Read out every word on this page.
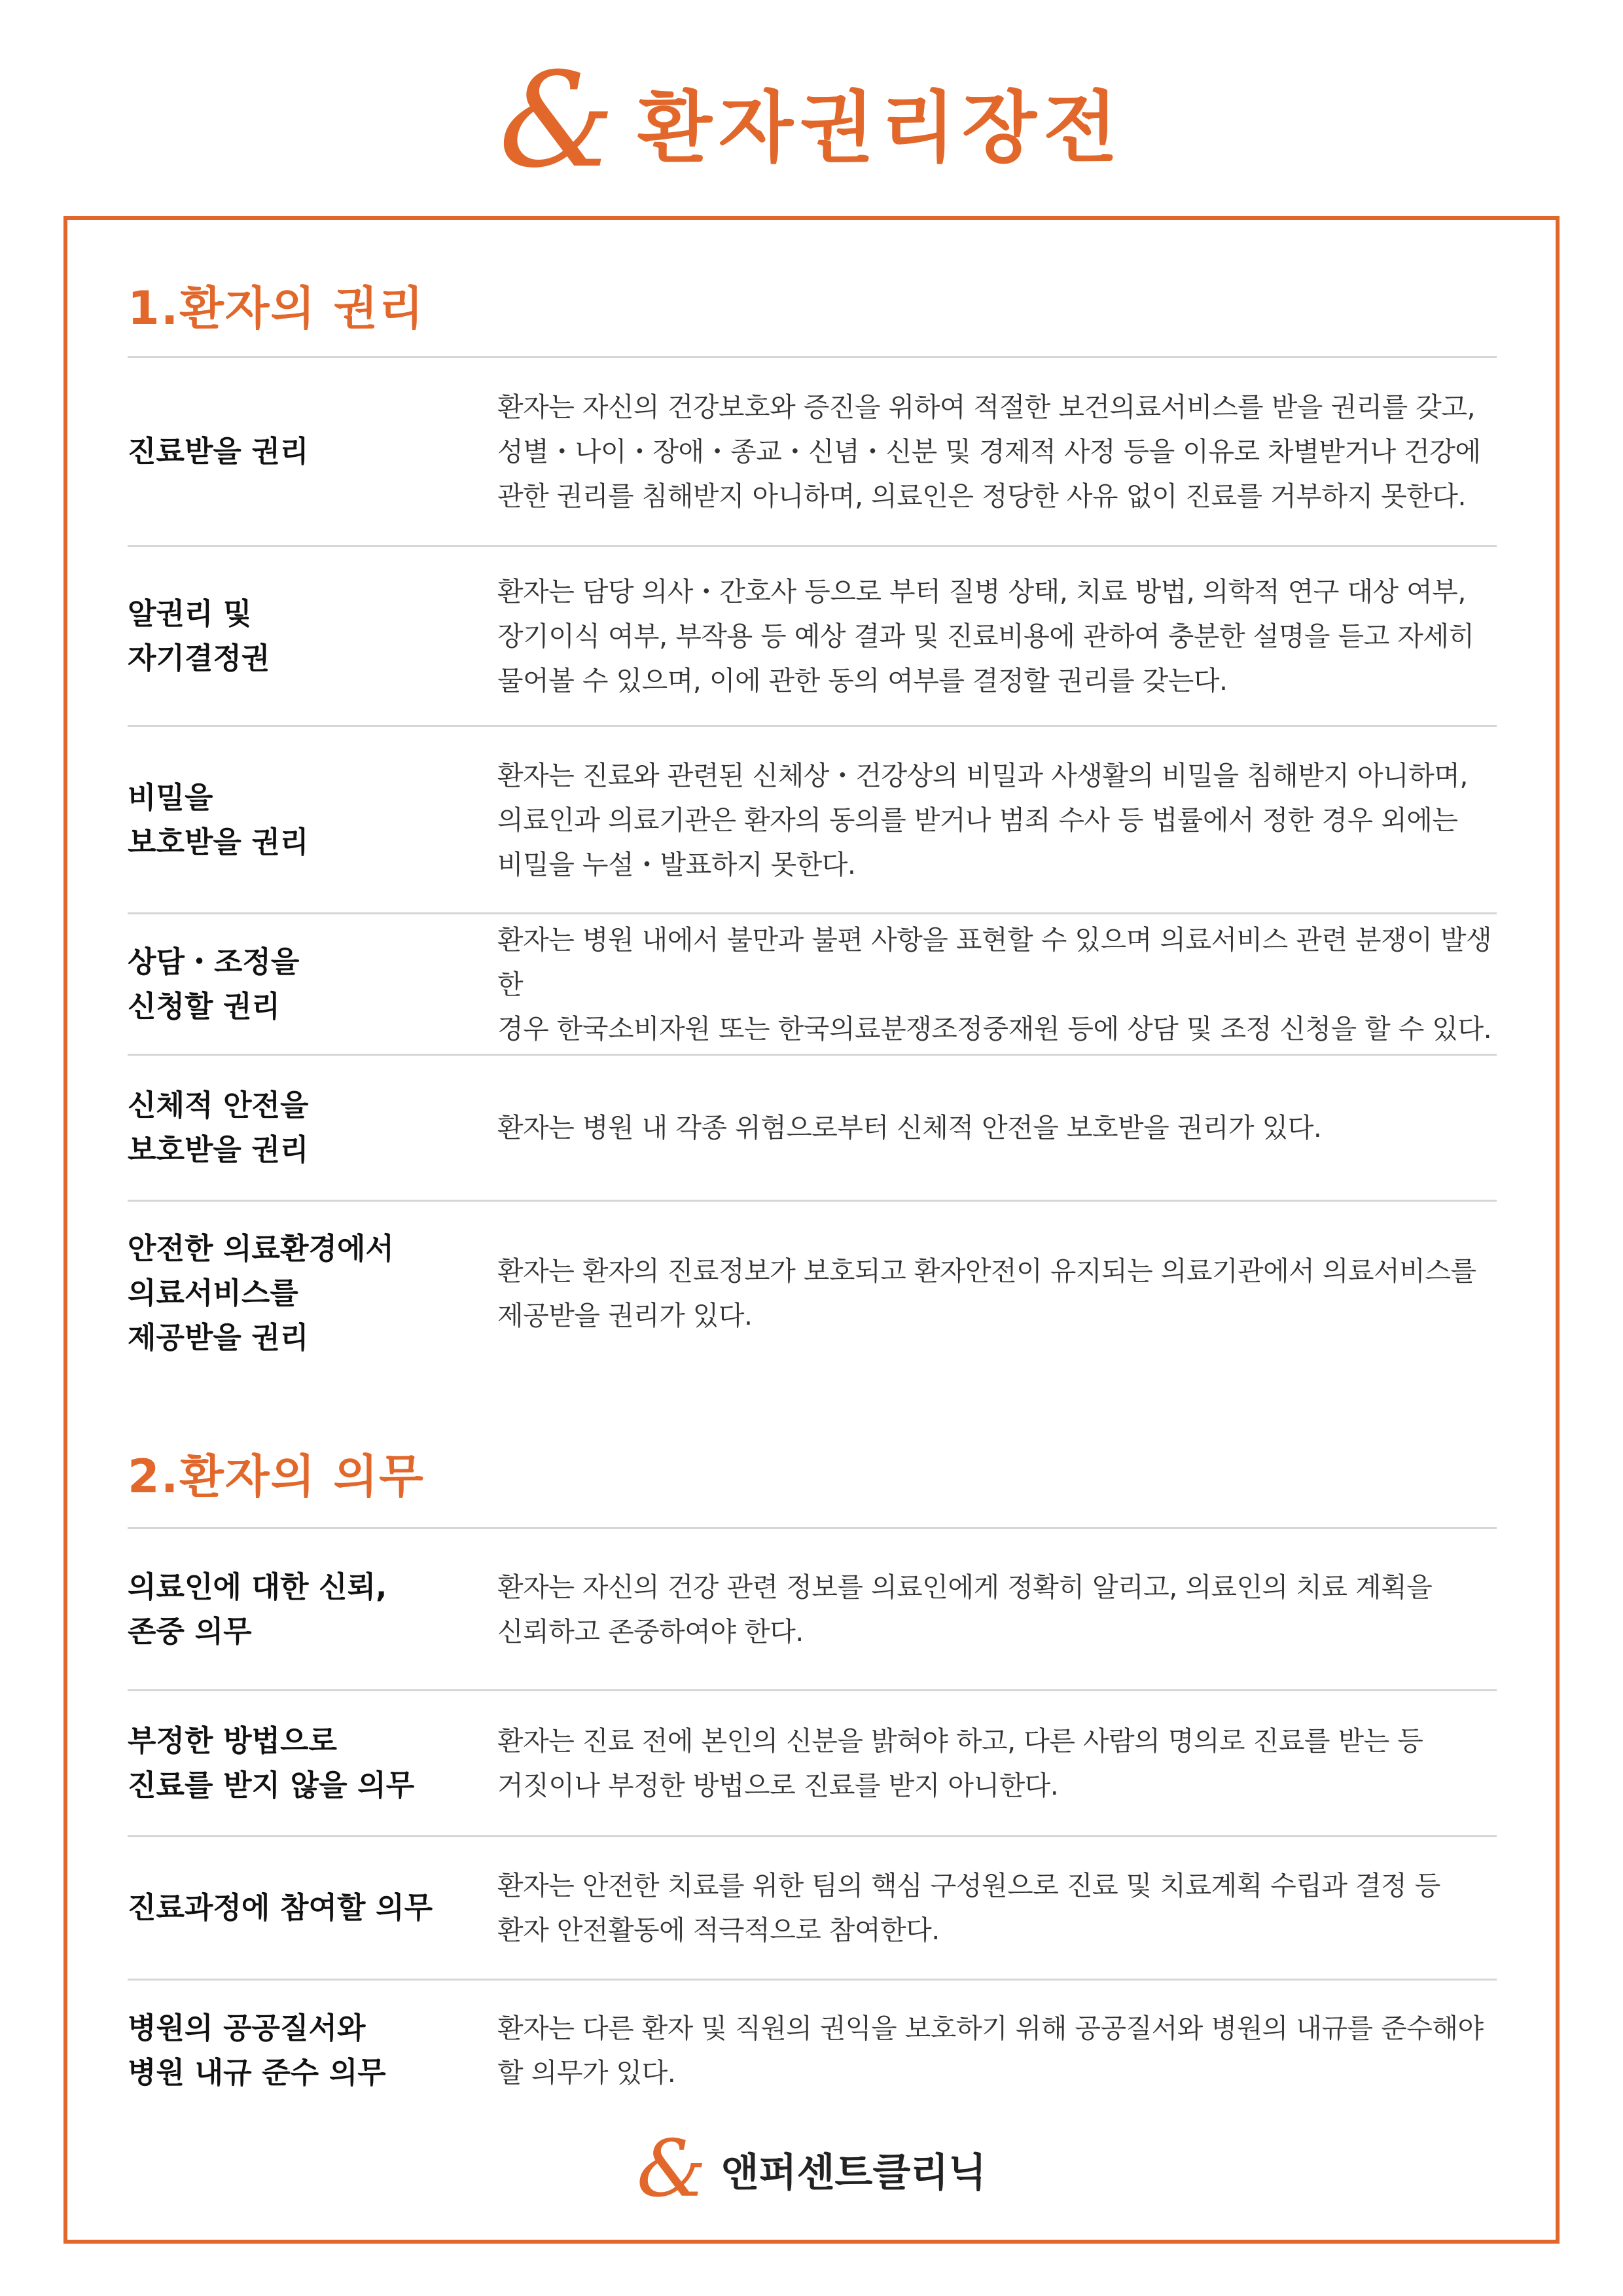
& 환자권리장전
1.환자의 권리
진료받을 권리
환자는 자신의 건강보호와 증진을 위하여 적절한 보건의료서비스를 받을 권리를 갖고,
성별・나이・장애・종교・신념・신분 및 경제적 사정 등을 이유로 차별받거나 건강에
관한 권리를 침해받지 아니하며, 의료인은 정당한 사유 없이 진료를 거부하지 못한다.
알권리 및
자기결정권
환자는 담당 의사・간호사 등으로 부터 질병 상태, 치료 방법, 의학적 연구 대상 여부,
장기이식 여부, 부작용 등 예상 결과 및 진료비용에 관하여 충분한 설명을 듣고 자세히
물어볼 수 있으며, 이에 관한 동의 여부를 결정할 권리를 갖는다.
비밀을
보호받을 권리
환자는 진료와 관련된 신체상・건강상의 비밀과 사생활의 비밀을 침해받지 아니하며,
의료인과 의료기관은 환자의 동의를 받거나 범죄 수사 등 법률에서 정한 경우 외에는
비밀을 누설・발표하지 못한다.
상담・조정을
신청할 권리
환자는 병원 내에서 불만과 불편 사항을 표현할 수 있으며 의료서비스 관련 분쟁이 발생한
경우 한국소비자원 또는 한국의료분쟁조정중재원 등에 상담 및 조정 신청을 할 수 있다.
신체적 안전을
보호받을 권리
환자는 병원 내 각종 위험으로부터 신체적 안전을 보호받을 권리가 있다.
안전한 의료환경에서
의료서비스를
제공받을 권리
환자는 환자의 진료정보가 보호되고 환자안전이 유지되는 의료기관에서 의료서비스를
제공받을 권리가 있다.
2.환자의 의무
의료인에 대한 신뢰,
존중 의무
환자는 자신의 건강 관련 정보를 의료인에게 정확히 알리고, 의료인의 치료 계획을
신뢰하고 존중하여야 한다.
부정한 방법으로
진료를 받지 않을 의무
환자는 진료 전에 본인의 신분을 밝혀야 하고, 다른 사람의 명의로 진료를 받는 등
거짓이나 부정한 방법으로 진료를 받지 아니한다.
진료과정에 참여할 의무
환자는 안전한 치료를 위한 팀의 핵심 구성원으로 진료 및 치료계획 수립과 결정 등
환자 안전활동에 적극적으로 참여한다.
병원의 공공질서와
병원 내규 준수 의무
환자는 다른 환자 및 직원의 권익을 보호하기 위해 공공질서와 병원의 내규를 준수해야
할 의무가 있다.
& 앤퍼센트클리닉
